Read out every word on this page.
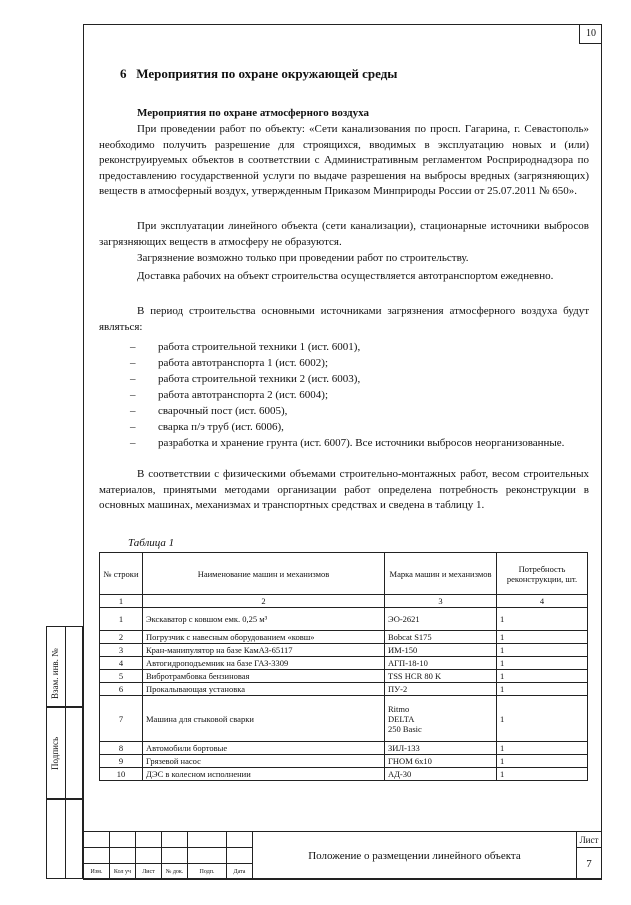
10
Взам. инв. №
Подпись
6 Мероприятия по охране окружающей среды
Мероприятия по охране атмосферного воздуха
При проведении работ по объекту: «Сети канализования по просп. Гагарина, г. Севастополь» необходимо получить разрешение для строящихся, вводимых в эксплуатацию новых и (или) реконструируемых объектов в соответствии с Административным регламентом Росприроднадзора по предоставлению государственной услуги по выдаче разрешения на выбросы вредных (загрязняющих) веществ в атмосферный воздух, утвержденным Приказом Минприроды России от 25.07.2011 № 650».
При эксплуатации линейного объекта (сети канализации), стационарные источники выбросов загрязняющих веществ в атмосферу не образуются.
Загрязнение возможно только при проведении работ по строительству.
Доставка рабочих на объект строительства осуществляется автотранспортом ежедневно.
В период строительства основными источниками загрязнения атмосферного воздуха будут являться:
– работа строительной техники 1 (ист. 6001),
– работа автотранспорта 1 (ист. 6002);
– работа строительной техники 2 (ист. 6003),
– работа автотранспорта 2 (ист. 6004);
– сварочный пост (ист. 6005),
– сварка п/э труб (ист. 6006),
– разработка и хранение грунта (ист. 6007). Все источники выбросов неорганизованные.
В соответствии с физическими объемами строительно-монтажных работ, весом строительных материалов, принятыми методами организации работ определена потребность реконструкции в основных машинах, механизмах и транспортных средствах и сведена в таблицу 1.
Таблица 1
№ строки	Наименование машин и механизмов	Марка машин и механизмов	Потребность реконструкции, шт.
1	2	3	4
1	Экскаватор с ковшом емк. 0,25 м³	ЭО-2621	1
2	Погрузчик с навесным оборудованием «ковш»	Bobcat S175	1
3	Кран-манипулятор на базе КамАЗ-65117	ИМ-150	1
4	Автогидроподъемник на базе ГАЗ-3309	АГП-18-10	1
5	Вибротрамбовка бензиновая	TSS HCR 80 K	1
6	Прокалывающая установка	ПУ-2	1
7	Машина для стыковой сварки	Ritmo
DELTA
250 Basic	1
8	Автомобили бортовые	ЗИЛ-133	1
9	Грязевой насос	ГНОМ 6х10	1
10	ДЭС в колесном исполнении	АД-30	1
						Положение о размещении линейного объекта	Лист
							7
Изм.	Кол уч	Лист	№ док.	Подп.	Дата		
